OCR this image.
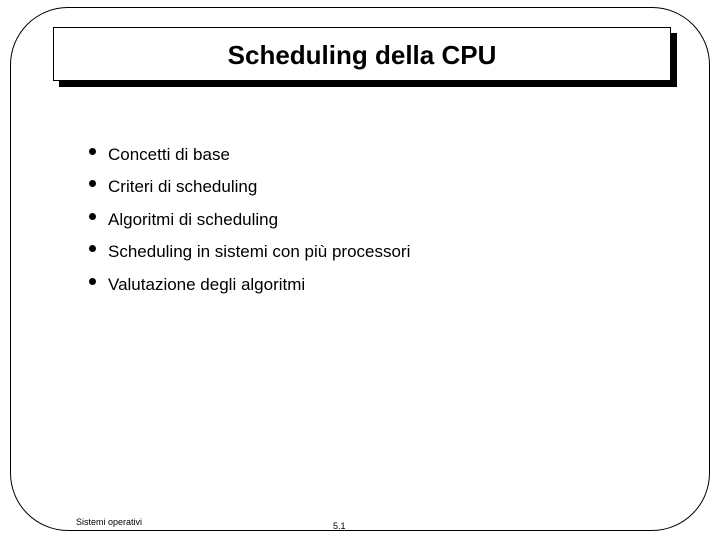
Scheduling della CPU
Concetti di base
Criteri di scheduling
Algoritmi di scheduling
Scheduling in sistemi con più processori
Valutazione degli algoritmi
Sistemi operativi	5.1
